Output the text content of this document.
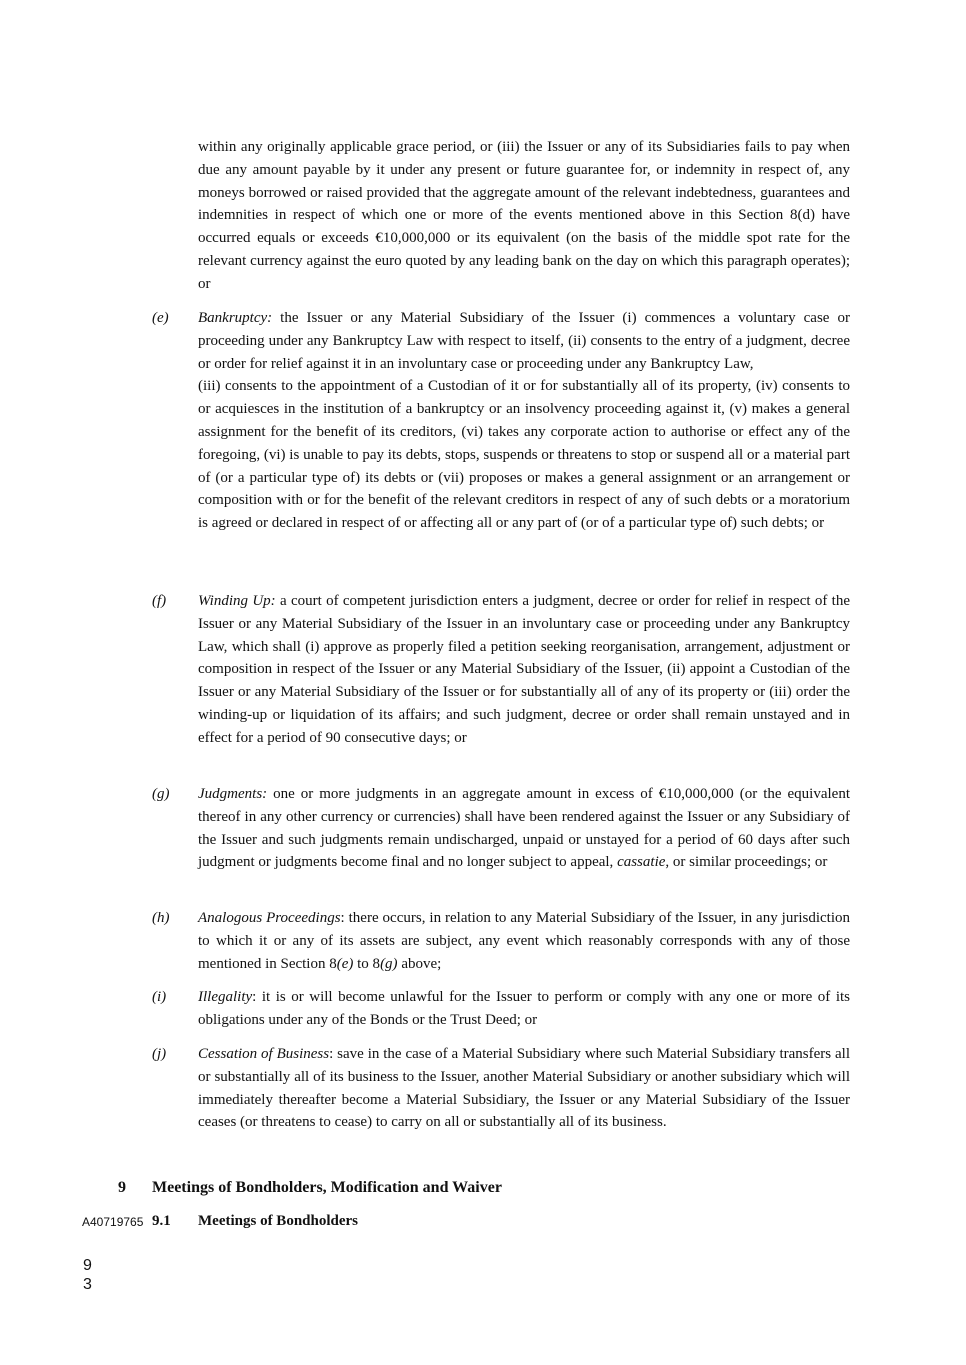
within any originally applicable grace period, or (iii) the Issuer or any of its Subsidiaries fails to pay when due any amount payable by it under any present or future guarantee for, or indemnity in respect of, any moneys borrowed or raised provided that the aggregate amount of the relevant indebtedness, guarantees and indemnities in respect of which one or more of the events mentioned above in this Section 8(d) have occurred equals or exceeds €10,000,000 or its equivalent (on the basis of the middle spot rate for the relevant currency against the euro quoted by any leading bank on the day on which this paragraph operates); or

(e) Bankruptcy: the Issuer or any Material Subsidiary of the Issuer (i) commences a voluntary case or proceeding under any Bankruptcy Law with respect to itself, (ii) consents to the entry of a judgment, decree or order for relief against it in an involuntary case or proceeding under any Bankruptcy Law,

(iii) consents to the appointment of a Custodian of it or for substantially all of its property, (iv) consents to or acquiesces in the institution of a bankruptcy or an insolvency proceeding against it, (v) makes a general assignment for the benefit of its creditors, (vi) takes any corporate action to authorise or effect any of the foregoing, (vi) is unable to pay its debts, stops, suspends or threatens to stop or suspend all or a material part of (or a particular type of) its debts or (vii) proposes or makes a general assignment or an arrangement or composition with or for the benefit of the relevant creditors in respect of any of such debts or a moratorium is agreed or declared in respect of or affecting all or any part of (or of a particular type of) such debts; or

(f) Winding Up: a court of competent jurisdiction enters a judgment, decree or order for relief in respect of the Issuer or any Material Subsidiary of the Issuer in an involuntary case or proceeding under any Bankruptcy Law, which shall (i) approve as properly filed a petition seeking reorganisation, arrangement, adjustment or composition in respect of the Issuer or any Material Subsidiary of the Issuer, (ii) appoint a Custodian of the Issuer or any Material Subsidiary of the Issuer or for substantially all of any of its property or (iii) order the winding-up or liquidation of its affairs; and such judgment, decree or order shall remain unstayed and in effect for a period of 90 consecutive days; or

(g) Judgments: one or more judgments in an aggregate amount in excess of €10,000,000 (or the equivalent thereof in any other currency or currencies) shall have been rendered against the Issuer or any Subsidiary of the Issuer and such judgments remain undischarged, unpaid or unstayed for a period of 60 days after such judgment or judgments become final and no longer subject to appeal, cassatie, or similar proceedings; or

(h) Analogous Proceedings: there occurs, in relation to any Material Subsidiary of the Issuer, in any jurisdiction to which it or any of its assets are subject, any event which reasonably corresponds with any of those mentioned in Section 8(e) to 8(g) above;

(i) Illegality: it is or will become unlawful for the Issuer to perform or comply with any one or more of its obligations under any of the Bonds or the Trust Deed; or

(j) Cessation of Business: save in the case of a Material Subsidiary where such Material Subsidiary transfers all or substantially all of its business to the Issuer, another Material Subsidiary or another subsidiary which will immediately thereafter become a Material Subsidiary, the Issuer or any Material Subsidiary of the Issuer ceases (or threatens to cease) to carry on all or substantially all of its business.

9 Meetings of Bondholders, Modification and Waiver
9.1 Meetings of Bondholders
A40719765
93
